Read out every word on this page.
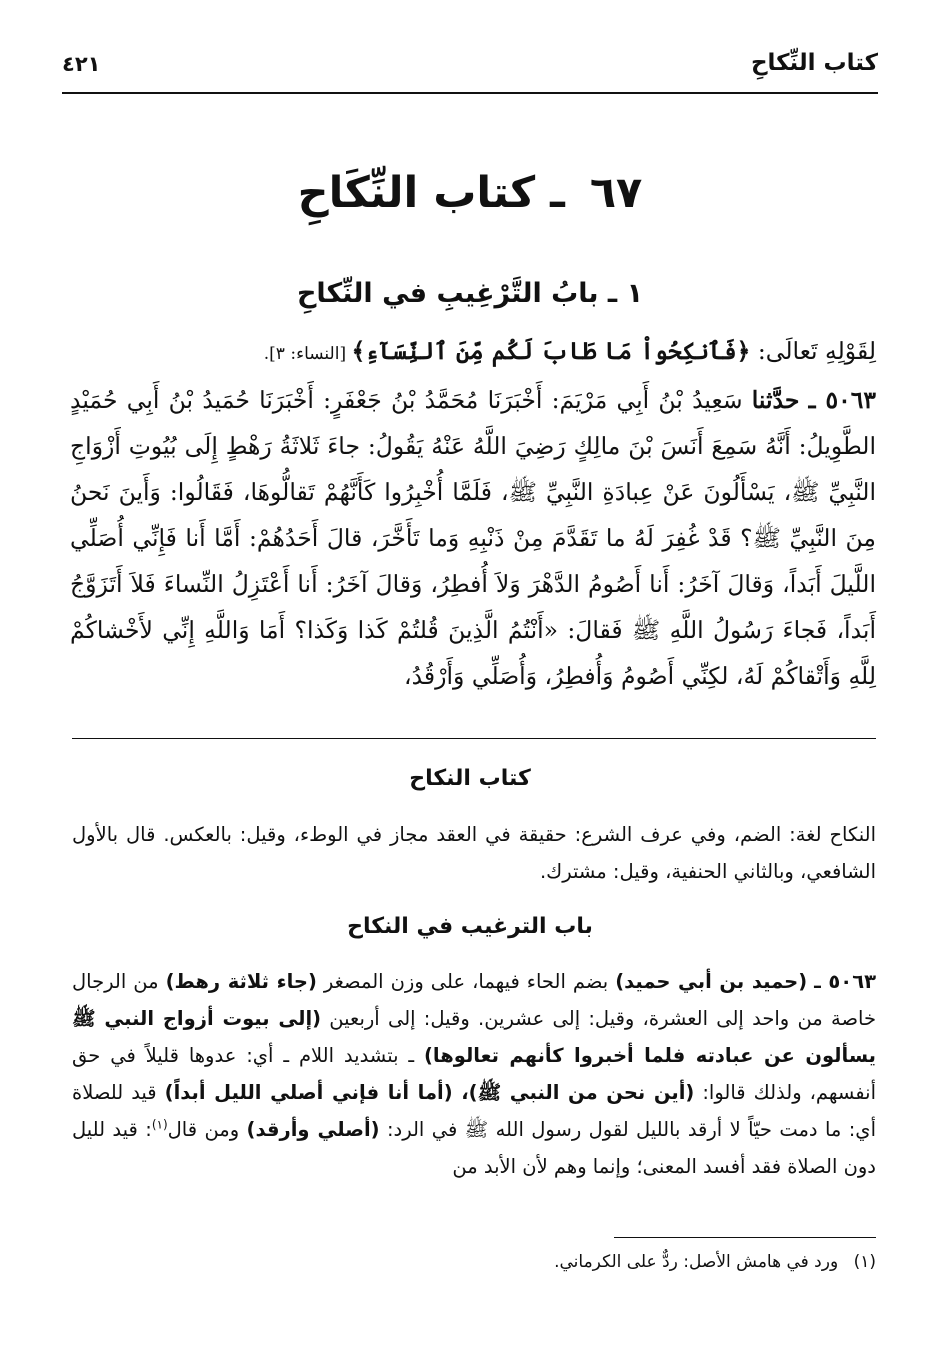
كتاب النِّكاحِ
٤٢١
٦٧ ـ كتاب النِّكَاحِ
١ ـ بابُ التَّرْغِيبِ في النِّكاحِ

لِقَوْلِهِ تَعالَى: ﴿فَٱنكِحُواْ مَا طَابَ لَكُم مِّنَ ٱلنِّسَآءِ﴾ [النساء: ٣].

٥٠٦٣ ـ حدَّثنا سَعِيدُ بْنُ أَبِي مَرْيَمَ: أَخْبَرَنَا مُحَمَّدُ بْنُ جَعْفَرٍ: أَخْبَرَنَا حُمَيدُ بْنُ أَبِي حُمَيْدٍ الطَّوِيلُ: أَنَّهُ سَمِعَ أَنَسَ بْنَ مالِكٍ رَضِيَ اللَّهُ عَنْهُ يَقُولُ: جاءَ ثَلاثَةُ رَهْطٍ إِلَى بُيُوتِ أَزْوَاجِ النَّبِيِّ ﷺ، يَسْأَلُونَ عَنْ عِبادَةِ النَّبِيِّ ﷺ، فَلَمَّا أُخْبِرُوا كَأَنَّهُمْ تَقالُّوهَا، فَقَالُوا: وَأَينَ نَحنُ مِنَ النَّبِيِّ ﷺ؟ قَدْ غُفِرَ لَهُ ما تَقَدَّمَ مِنْ ذَنْبِهِ وَما تَأَخَّرَ، قالَ أَحَدُهُمْ: أَمَّا أَنا فَإِنِّي أُصَلِّي اللَّيلَ أَبَداً، وَقالَ آخَرُ: أَنا أَصُومُ الدَّهْرَ وَلاَ أُفطِرُ، وَقالَ آخَرُ: أَنا أَعْتَزِلُ النِّساءَ فَلاَ أَتَزَوَّجُ أَبَداً، فَجاءَ رَسُولُ اللَّهِ ﷺ فَقالَ: «أَنْتُمُ الَّذِينَ قُلتُمْ كَذا وَكَذا؟ أَمَا وَاللَّهِ إِنِّي لأَخْشاكُمْ لِلَّهِ وَأَتْقاكُمْ لَهُ، لكِنِّي أَصُومُ وَأُفطِرُ، وَأُصَلِّي وَأَرْقُدُ،

كتاب النكاح

النكاح لغة: الضم، وفي عرف الشرع: حقيقة في العقد مجاز في الوطء، وقيل: بالعكس. قال بالأول الشافعي، وبالثاني الحنفية، وقيل: مشترك.

باب الترغيب في النكاح

٥٠٦٣ ـ (حميد بن أبي حميد) بضم الحاء فيهما، على وزن المصغر (جاء ثلاثة رهط) من الرجال خاصة من واحد إلى العشرة، وقيل: إلى عشرين. وقيل: إلى أربعين (إلى بيوت أزواج النبي ﷺ يسألون عن عبادته فلما أخبروا كأنهم تعالوها) ـ بتشديد اللام ـ أي: عدوها قليلاً في حق أنفسهم، ولذلك قالوا: (أين نحن من النبي ﷺ)، (أما أنا فإني أصلي الليل أبداً) قيد للصلاة أي: ما دمت حيّاً لا أرقد بالليل لقول رسول الله ﷺ في الرد: (أصلي وأرقد) ومن قال$^{(١)}$: قيد لليل دون الصلاة فقد أفسد المعنى؛ وإنما وهم لأن الأبد من

(١) ورد في هامش الأصل: ردٌّ على الكرماني.
